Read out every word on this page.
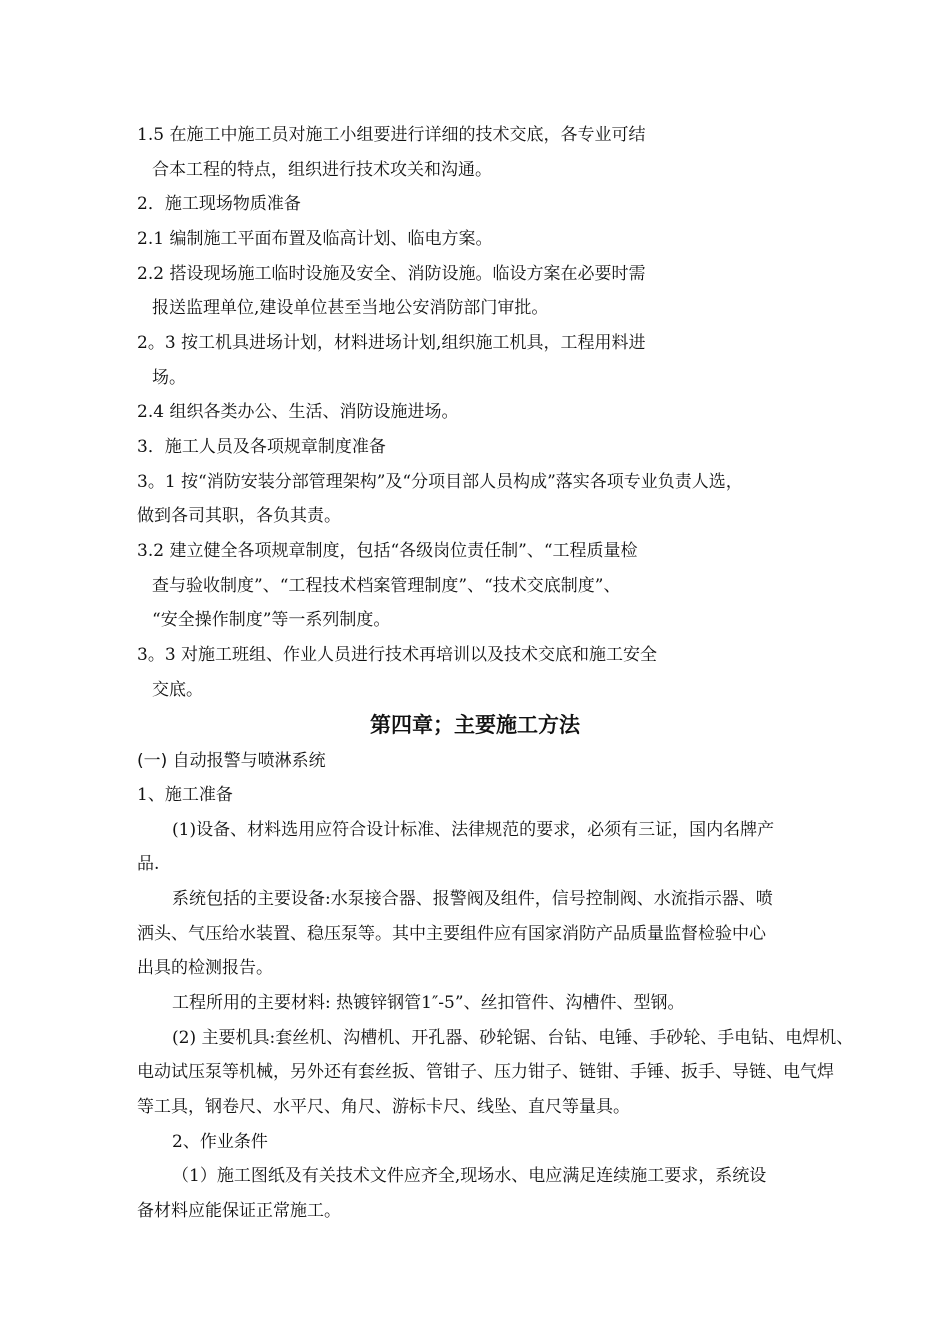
1.5 在施工中施工员对施工小组要进行详细的技术交底，各专业可结
合本工程的特点，组织进行技术攻关和沟通。
2．施工现场物质准备
2.1 编制施工平面布置及临高计划、临电方案。
2.2 搭设现场施工临时设施及安全、消防设施。临设方案在必要时需
报送监理单位,建设单位甚至当地公安消防部门审批。
2。3 按工机具进场计划，材料进场计划,组织施工机具，工程用料进
场。
2.4 组织各类办公、生活、消防设施进场。
3．施工人员及各项规章制度准备
3。1 按“消防安装分部管理架构”及“分项目部人员构成”落实各项专业负责人选，
做到各司其职，各负其责。
3.2 建立健全各项规章制度，包括“各级岗位责任制”、“工程质量检
查与验收制度”、“工程技术档案管理制度”、“技术交底制度”、
“安全操作制度”等一系列制度。
3。3 对施工班组、作业人员进行技术再培训以及技术交底和施工安全
交底。
第四章；主要施工方法
(一) 自动报警与喷淋系统
1、施工准备
(1)设备、材料选用应符合设计标准、法律规范的要求，必须有三证，国内名牌产
品.
系统包括的主要设备:水泵接合器、报警阀及组件，信号控制阀、水流指示器、喷
洒头、气压给水装置、稳压泵等。其中主要组件应有国家消防产品质量监督检验中心
出具的检测报告。
工程所用的主要材料: 热镀锌钢管1″-5”、丝扣管件、沟槽件、型钢。
(2) 主要机具:套丝机、沟槽机、开孔器、砂轮锯、台钻、电锤、手砂轮、手电钻、电焊机、
电动试压泵等机械，另外还有套丝扳、管钳子、压力钳子、链钳、手锤、扳手、导链、电气焊
等工具，钢卷尺、水平尺、角尺、游标卡尺、线坠、直尺等量具。
2、作业条件
（1）施工图纸及有关技术文件应齐全,现场水、电应满足连续施工要求，系统设
备材料应能保证正常施工。
